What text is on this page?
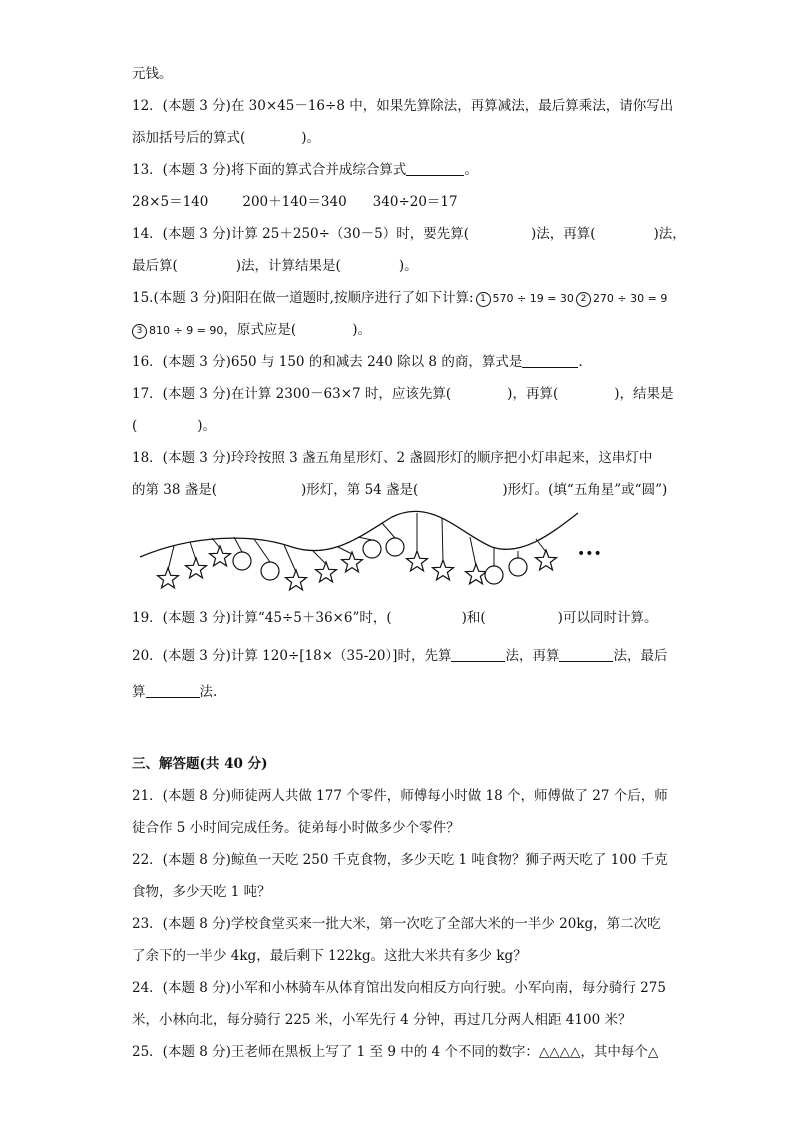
元钱。
12．(本题 3 分)在 30×45－16÷8 中，如果先算除法，再算减法，最后算乘法，请你写出
添加括号后的算式(	)。
13．(本题 3 分)将下面的算式合并成综合算式	。
28×5＝140	200＋140＝340 340÷20＝17
14．(本题 3 分)计算 25＋250÷（30－5）时，要先算(	)法，再算(	)法，
最后算(	)法，计算结果是(	)。
15.(本题 3 分)阳阳在做一道题时,按顺序进行了如下计算: 1 570 ÷ 19 = 30 2 270 ÷ 30 = 9
3 810 ÷ 9 = 90，原式应是(	)。
16．(本题 3 分)650 与 150 的和减去 240 除以 8 的商，算式是	.
17．(本题 3 分)在计算 2300－63×7 时，应该先算(	)，再算(	)，结果是
(	)。
18．(本题 3 分)玲玲按照 3 盏五角星形灯、2 盏圆形灯的顺序把小灯串起来，这串灯中
的第 38 盏是(	)形灯，第 54 盏是(	)形灯。(填“五角星”或“圆”)
•••
19．(本题 3 分)计算“45÷5＋36×6”时，(	)和(	)可以同时计算。
20．(本题 3 分)计算 120÷[18×（35-20）]时，先算	法，再算	法，最后
算	法.
三、解答题(共 40 分)
21．(本题 8 分)师徒两人共做 177 个零件，师傅每小时做 18 个，师傅做了 27 个后，师
徒合作 5 小时间完成任务。徒弟每小时做多少个零件？
22．(本题 8 分)鲸鱼一天吃 250 千克食物，多少天吃 1 吨食物？狮子两天吃了 100 千克
食物，多少天吃 1 吨？
23．(本题 8 分)学校食堂买来一批大米，第一次吃了全部大米的一半少 20kg，第二次吃
了余下的一半少 4kg，最后剩下 122kg。这批大米共有多少 kg？
24．(本题 8 分)小军和小林骑车从体育馆出发向相反方向行驶。小军向南，每分骑行 275
米，小林向北，每分骑行 225 米，小军先行 4 分钟，再过几分两人相距 4100 米？
25．(本题 8 分)王老师在黑板上写了 1 至 9 中的 4 个不同的数字：△△△△，其中每个△
